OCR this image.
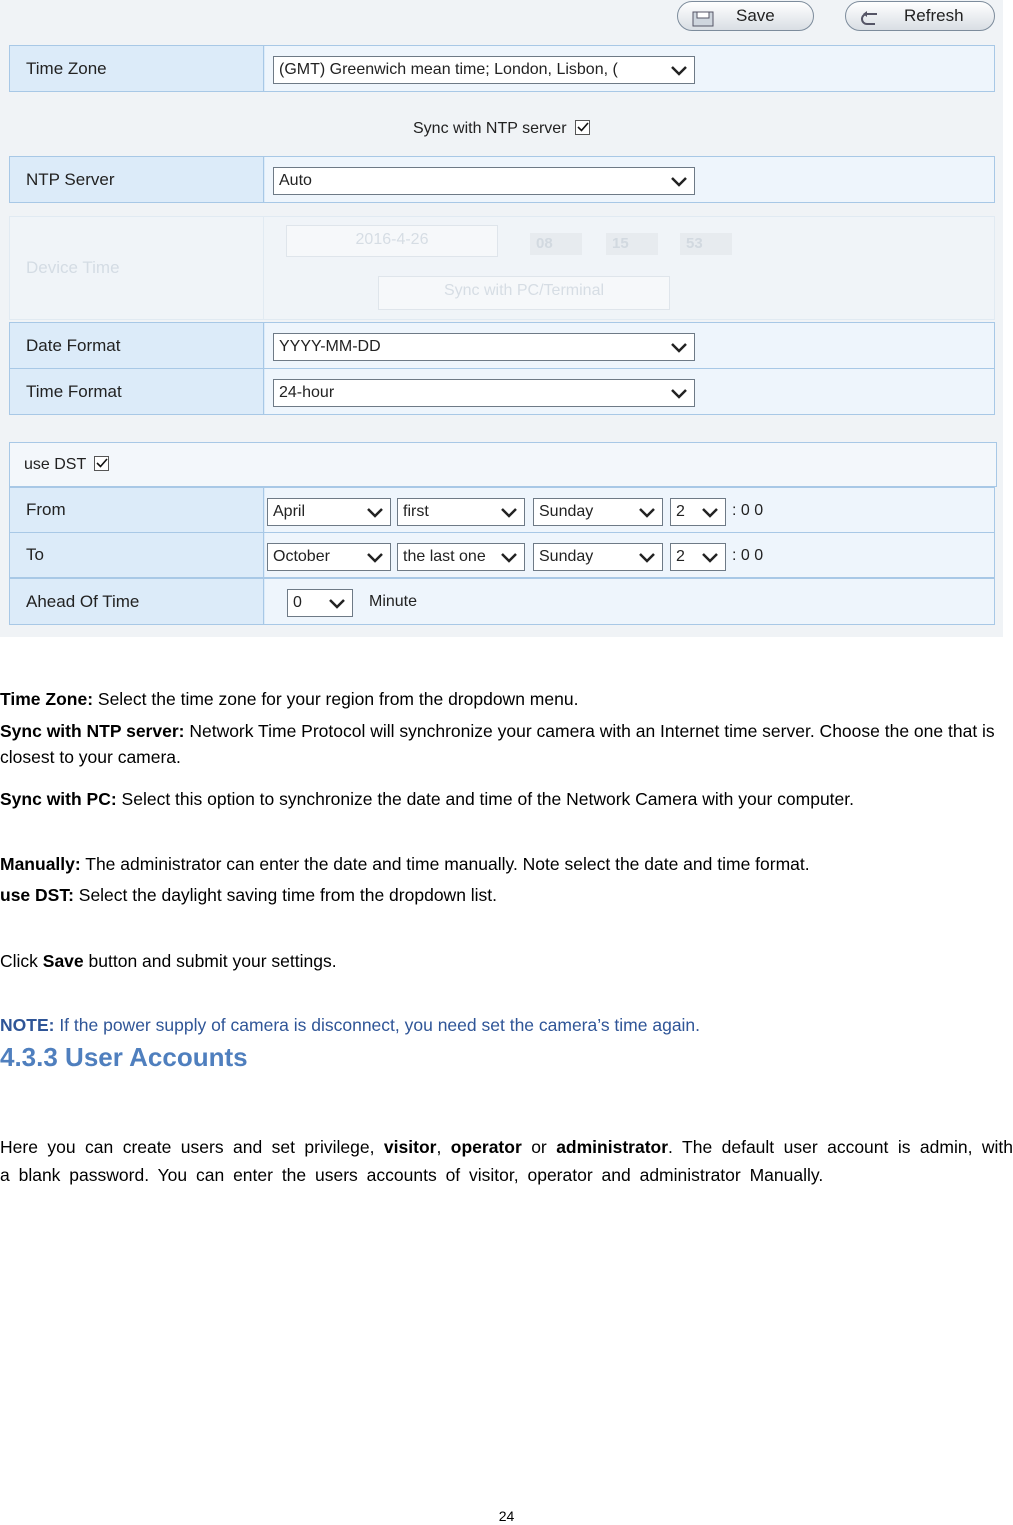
Save	Refresh
Time Zone	(GMT) Greenwich mean time; London, Lisbon, (
Sync with NTP server
NTP Server	Auto
Device Time
2016-4-26	08	15	53
Sync with PC/Terminal
Date Format	YYYY-MM-DD
Time Format	24-hour
use DST
From	April	first	Sunday	2	: 0 0
To	October	the last one	Sunday	2	: 0 0
Ahead Of Time	0	Minute
Time Zone: Select the time zone for your region from the dropdown menu.
Sync with NTP server: Network Time Protocol will synchronize your camera with an Internet time server. Choose the one that is closest to your camera.
Sync with PC: Select this option to synchronize the date and time of the Network Camera with your computer.
Manually: The administrator can enter the date and time manually. Note select the date and time format.
use DST: Select the daylight saving time from the dropdown list.
Click Save button and submit your settings.
NOTE: If the power supply of camera is disconnect, you need set the camera’s time again.
4.3.3 User Accounts
Here you can create users and set privilege, visitor, operator or administrator. The default user account is admin, with a blank password. You can enter the users accounts of visitor, operator and administrator Manually.
24
